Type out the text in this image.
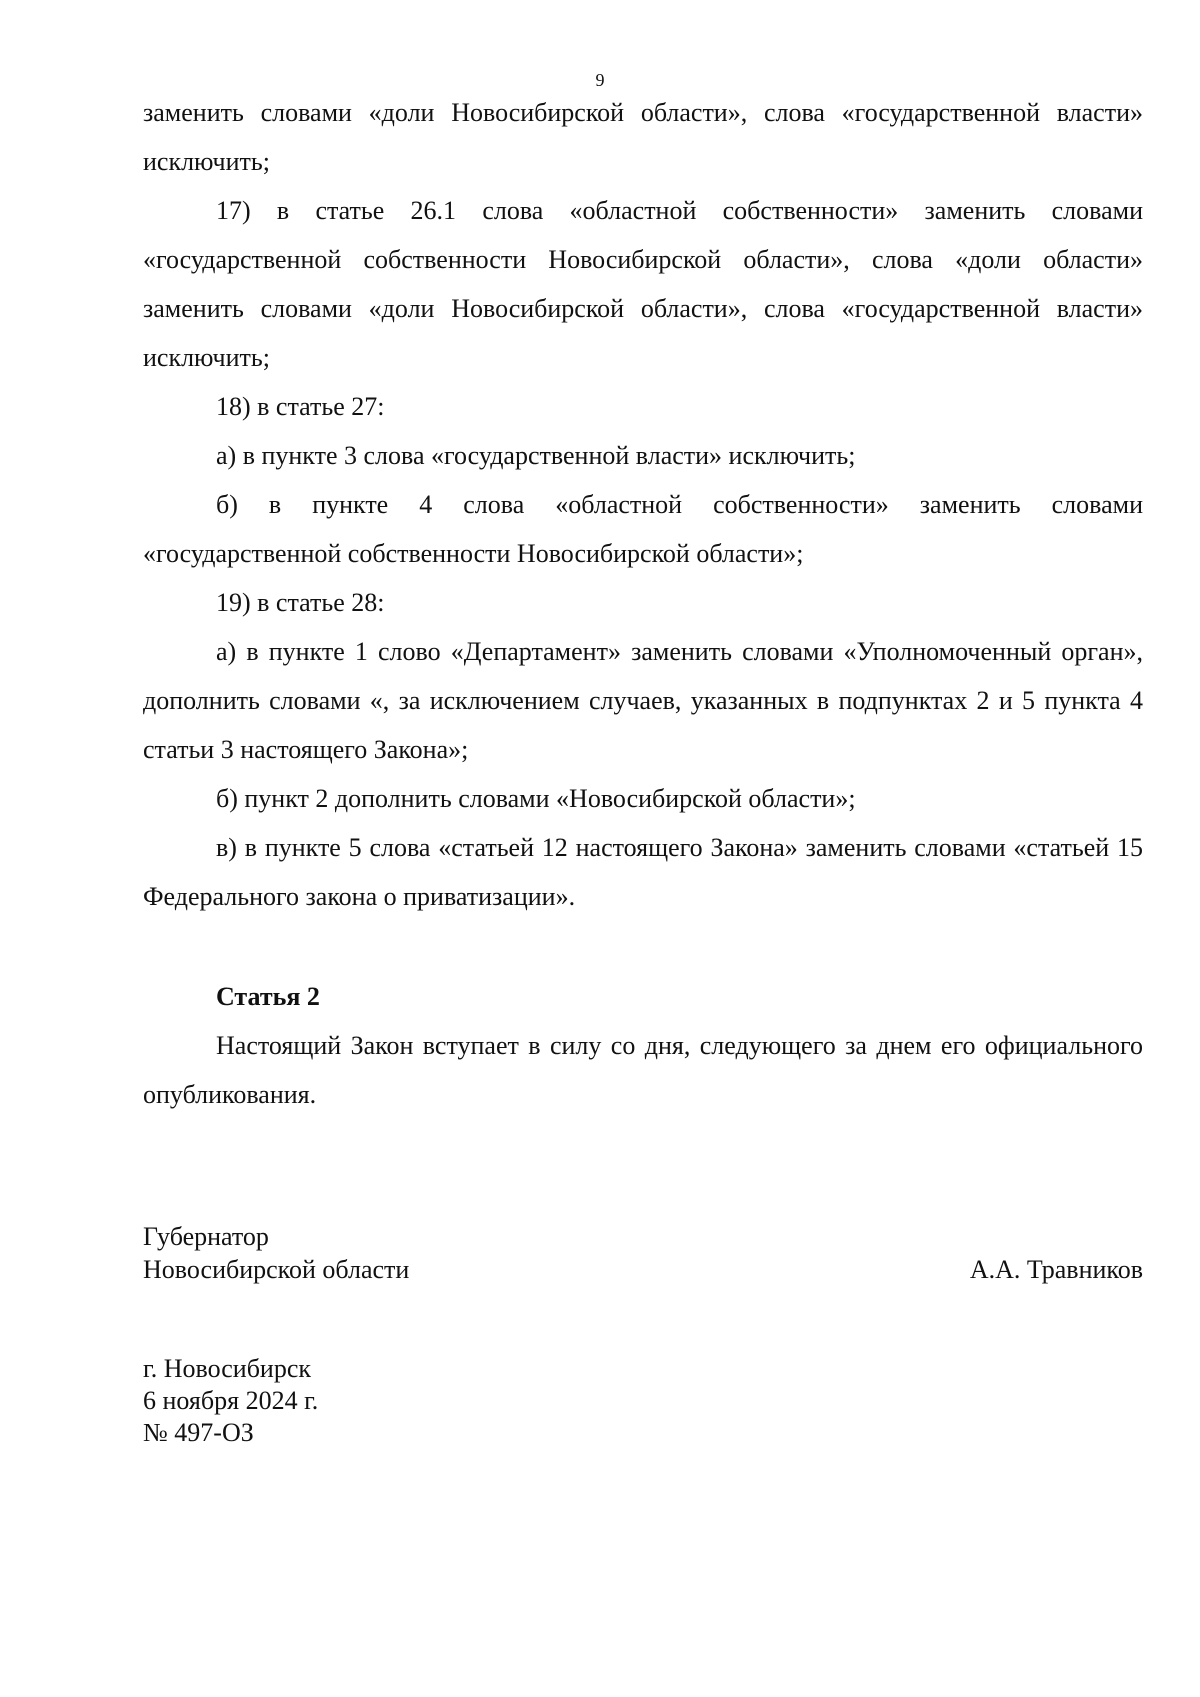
9

заменить словами «доли Новосибирской области», слова «государственной власти» исключить;

17) в статье 26.1 слова «областной собственности» заменить словами «государственной собственности Новосибирской области», слова «доли области» заменить словами «доли Новосибирской области», слова «государственной власти» исключить;

18) в статье 27:

а) в пункте 3 слова «государственной власти» исключить;

б) в пункте 4 слова «областной собственности» заменить словами «государственной собственности Новосибирской области»;

19) в статье 28:

а) в пункте 1 слово «Департамент» заменить словами «Уполномоченный орган», дополнить словами «, за исключением случаев, указанных в подпунктах 2 и 5 пункта 4 статьи 3 настоящего Закона»;

б) пункт 2 дополнить словами «Новосибирской области»;

в) в пункте 5 слова «статьей 12 настоящего Закона» заменить словами «статьей 15 Федерального закона о приватизации».

Статья 2

Настоящий Закон вступает в силу со дня, следующего за днем его официального опубликования.

Губернатор
Новосибирской области	А.А. Травников
г. Новосибирск
6 ноября 2024 г.
№ 497-ОЗ
